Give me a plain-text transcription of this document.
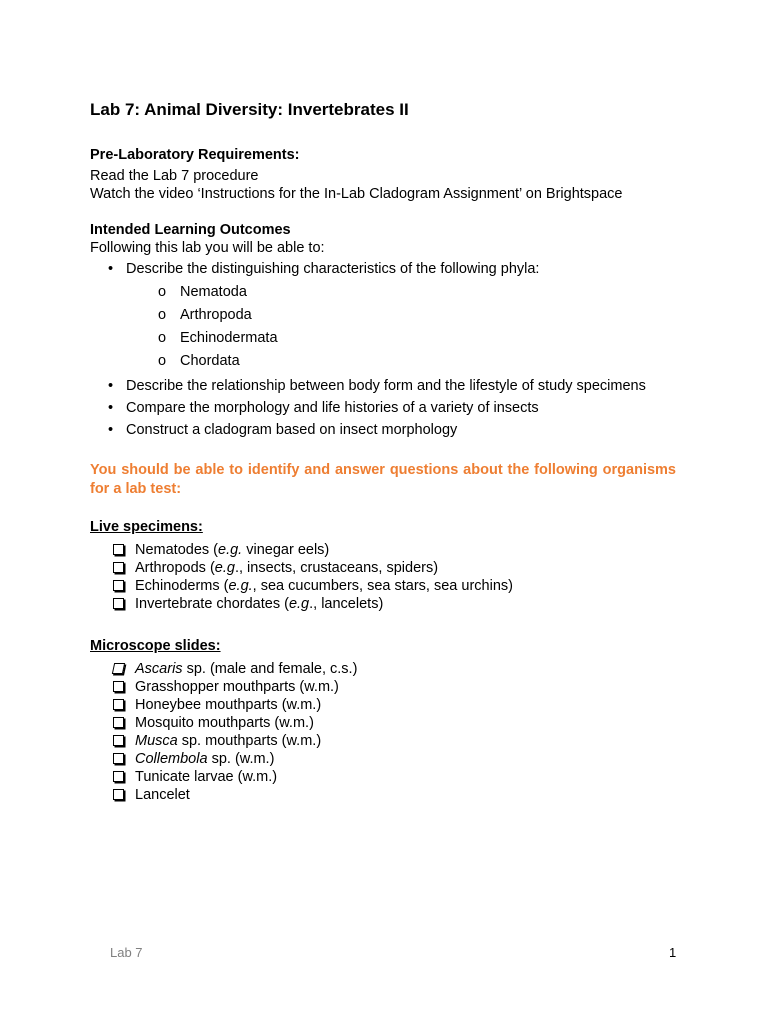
Lab 7: Animal Diversity: Invertebrates II
Pre-Laboratory Requirements:
Read the Lab 7 procedure
Watch the video ‘Instructions for the In-Lab Cladogram Assignment’ on Brightspace
Intended Learning Outcomes
Following this lab you will be able to:
• Describe the distinguishing characteristics of the following phyla:
o Nematoda
o Arthropoda
o Echinodermata
o Chordata
• Describe the relationship between body form and the lifestyle of study specimens
• Compare the morphology and life histories of a variety of insects
• Construct a cladogram based on insect morphology
You should be able to identify and answer questions about the following organisms for a lab test:
Live specimens:
Nematodes (e.g. vinegar eels)
Arthropods (e.g., insects, crustaceans, spiders)
Echinoderms (e.g., sea cucumbers, sea stars, sea urchins)
Invertebrate chordates (e.g., lancelets)
Microscope slides:
Ascaris sp. (male and female, c.s.)
Grasshopper mouthparts (w.m.)
Honeybee mouthparts (w.m.)
Mosquito mouthparts (w.m.)
Musca sp. mouthparts (w.m.)
Collembola sp. (w.m.)
Tunicate larvae (w.m.)
Lancelet
Lab 7	1
